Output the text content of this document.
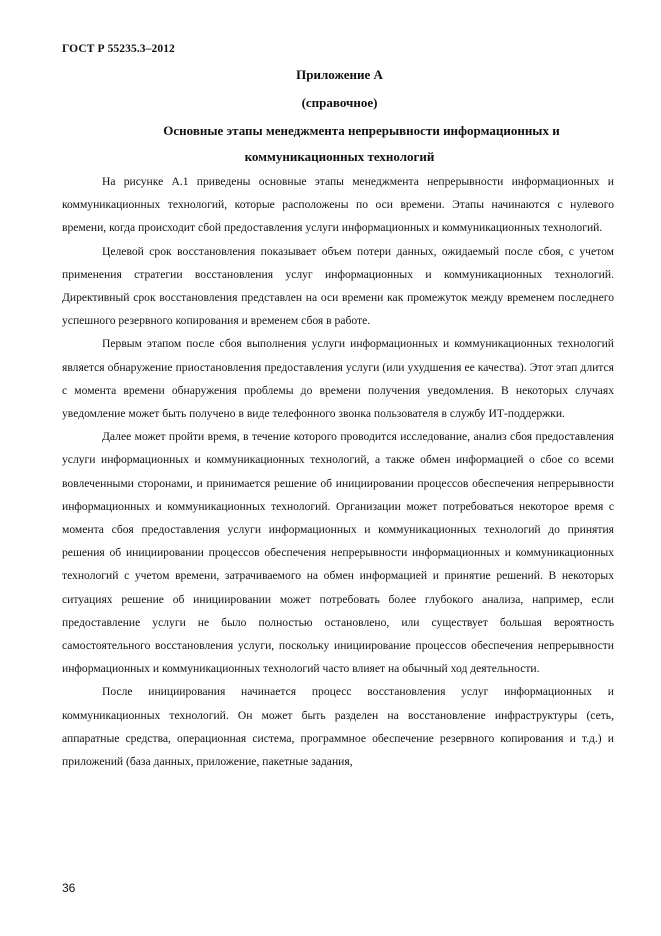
ГОСТ Р 55235.3–2012
Приложение А
(справочное)
Основные этапы менеджмента непрерывности информационных и
коммуникационных технологий

На рисунке А.1 приведены основные этапы менеджмента непрерывности информационных и коммуникационных технологий, которые расположены по оси времени. Этапы начинаются с нулевого времени, когда происходит сбой предоставления услуги информационных и коммуникационных технологий.

Целевой срок восстановления показывает объем потери данных, ожидаемый после сбоя, с учетом применения стратегии восстановления услуг информационных и коммуникационных технологий. Директивный срок восстановления представлен на оси времени как промежуток между временем последнего успешного резервного копирования и временем сбоя в работе.

Первым этапом после сбоя выполнения услуги информационных и коммуникационных технологий является обнаружение приостановления предоставления услуги (или ухудшения ее качества). Этот этап длится с момента времени обнаружения проблемы до времени получения уведомления. В некоторых случаях уведомление может быть получено в виде телефонного звонка пользователя в службу ИТ-поддержки.

Далее может пройти время, в течение которого проводится исследование, анализ сбоя предоставления услуги информационных и коммуникационных технологий, а также обмен информацией о сбое со всеми вовлеченными сторонами, и принимается решение об инициировании процессов обеспечения непрерывности информационных и коммуникационных технологий. Организации может потребоваться некоторое время с момента сбоя предоставления услуги информационных и коммуникационных технологий до принятия решения об инициировании процессов обеспечения непрерывности информационных и коммуникационных технологий с учетом времени, затрачиваемого на обмен информацией и принятие решений. В некоторых ситуациях решение об инициировании может потребовать более глубокого анализа, например, если предоставление услуги не было полностью остановлено, или существует большая вероятность самостоятельного восстановления услуги, поскольку инициирование процессов обеспечения непрерывности информационных и коммуникационных технологий часто влияет на обычный ход деятельности.

После инициирования начинается процесс восстановления услуг информационных и коммуникационных технологий. Он может быть разделен на восстановление инфраструктуры (сеть, аппаратные средства, операционная система, программное обеспечение резервного копирования и т.д.) и приложений (база данных, приложение, пакетные задания,

36
